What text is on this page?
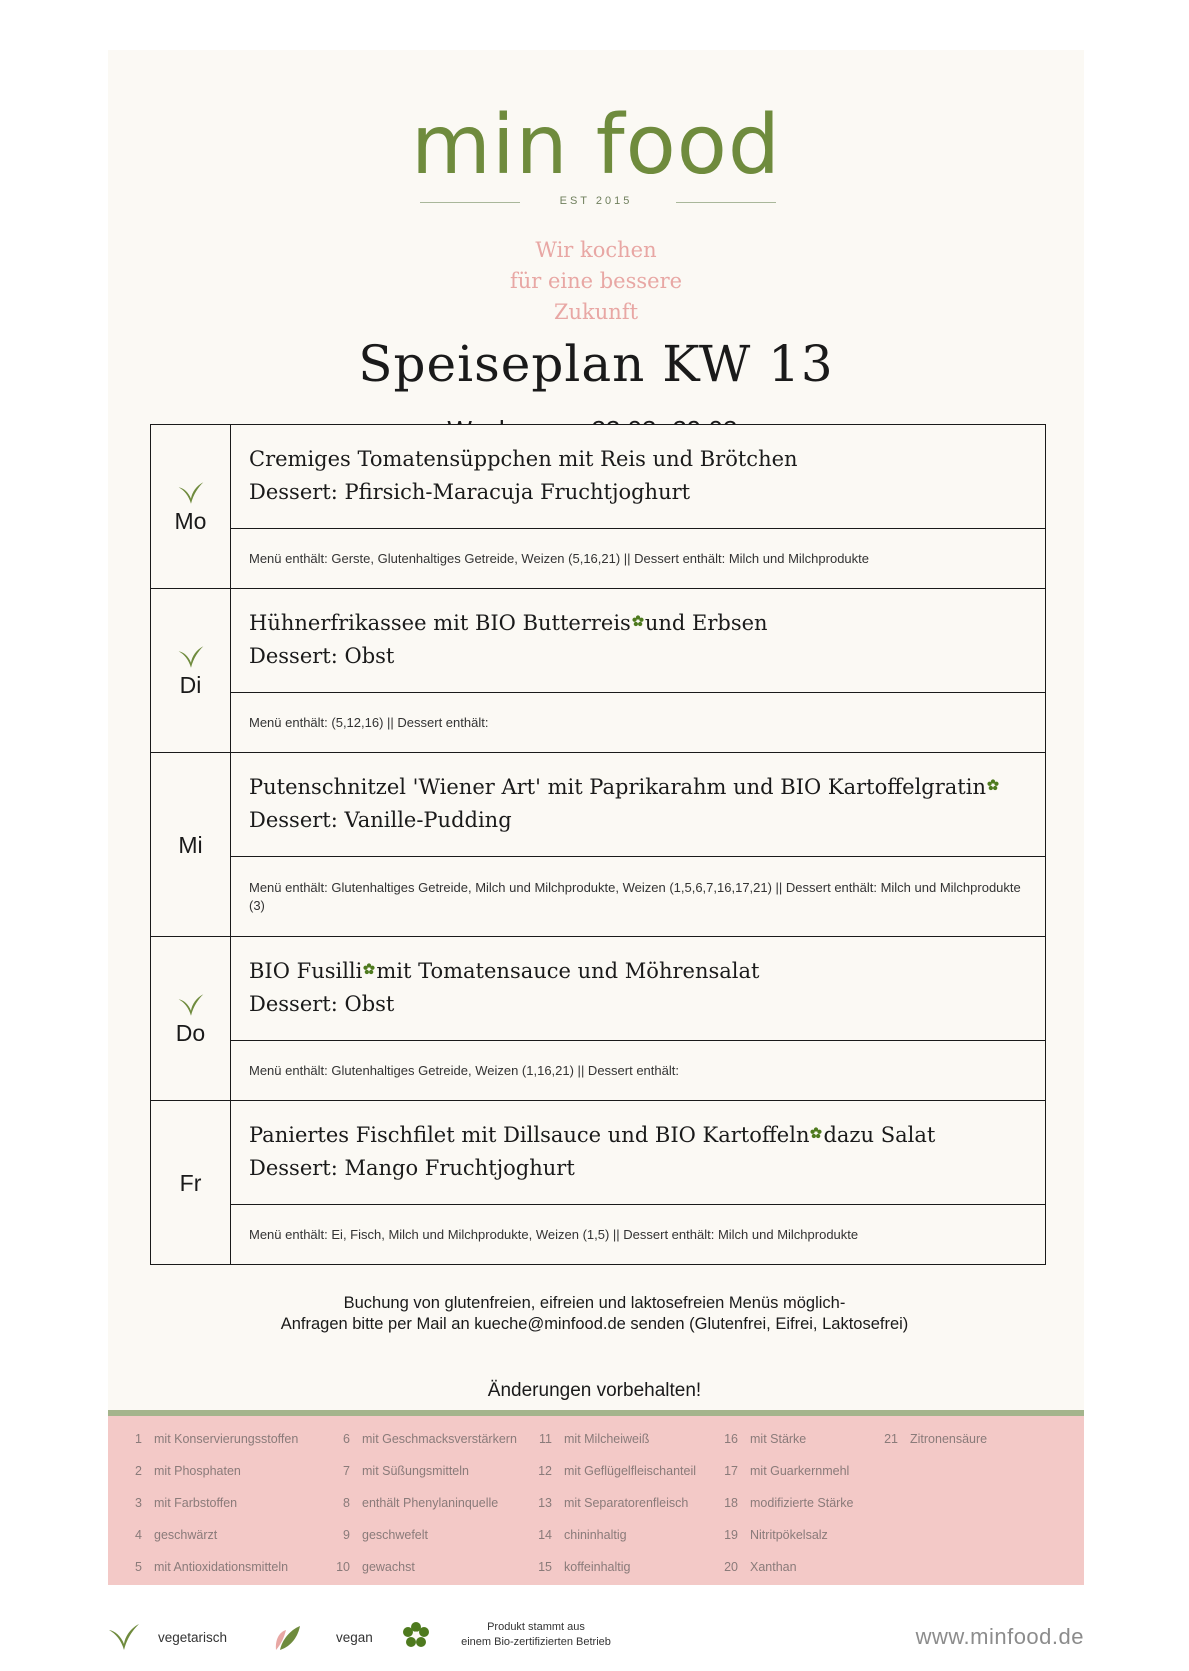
min food
EST 2015
Wir kochen
für eine bessere
Zukunft
Speiseplan KW 13
Mo
Cremiges Tomatensüppchen mit Reis und Brötchen
Dessert: Pfirsich-Maracuja Fruchtjoghurt
Menü enthält: Gerste, Glutenhaltiges Getreide, Weizen (5,16,21) || Dessert enthält: Milch und Milchprodukte
Di
Hühnerfrikassee mit BIO Butterreis und Erbsen
Dessert: Obst
Menü enthält: (5,12,16) || Dessert enthält:
Mi
Putenschnitzel 'Wiener Art' mit Paprikarahm und BIO Kartoffelgratin
Dessert: Vanille-Pudding
Menü enthält: Glutenhaltiges Getreide, Milch und Milchprodukte, Weizen (1,5,6,7,16,17,21) || Dessert enthält: Milch und Milchprodukte (3)
Do
BIO Fusilli mit Tomatensauce und Möhrensalat
Dessert: Obst
Menü enthält: Glutenhaltiges Getreide, Weizen (1,16,21) || Dessert enthält:
Fr
Paniertes Fischfilet mit Dillsauce und BIO Kartoffeln dazu Salat
Dessert: Mango Fruchtjoghurt
Menü enthält: Ei, Fisch, Milch und Milchprodukte, Weizen (1,5) || Dessert enthält: Milch und Milchprodukte
Buchung von glutenfreien, eifreien und laktosefreien Menüs möglich-
Anfragen bitte per Mail an kueche@minfood.de senden (Glutenfrei, Eifrei, Laktosefrei)
Änderungen vorbehalten!
1 mit Konservierungsstoffen
2 mit Phosphaten
3 mit Farbstoffen
4 geschwärzt
5 mit Antioxidationsmitteln
6 mit Geschmacksverstärkern
7 mit Süßungsmitteln
8 enthält Phenylaninquelle
9 geschwefelt
10 gewachst
11 mit Milcheiweiß
12 mit Geflügelfleischanteil
13 mit Separatorenfleisch
14 chininhaltig
15 koffeinhaltig
16 mit Stärke
17 mit Guarkernmehl
18 modifizierte Stärke
19 Nitritpökelsalz
20 Xanthan
21 Zitronensäure
vegetarisch	vegan
Produkt stammt aus
einem Bio-zertifizierten Betrieb	www.minfood.de
